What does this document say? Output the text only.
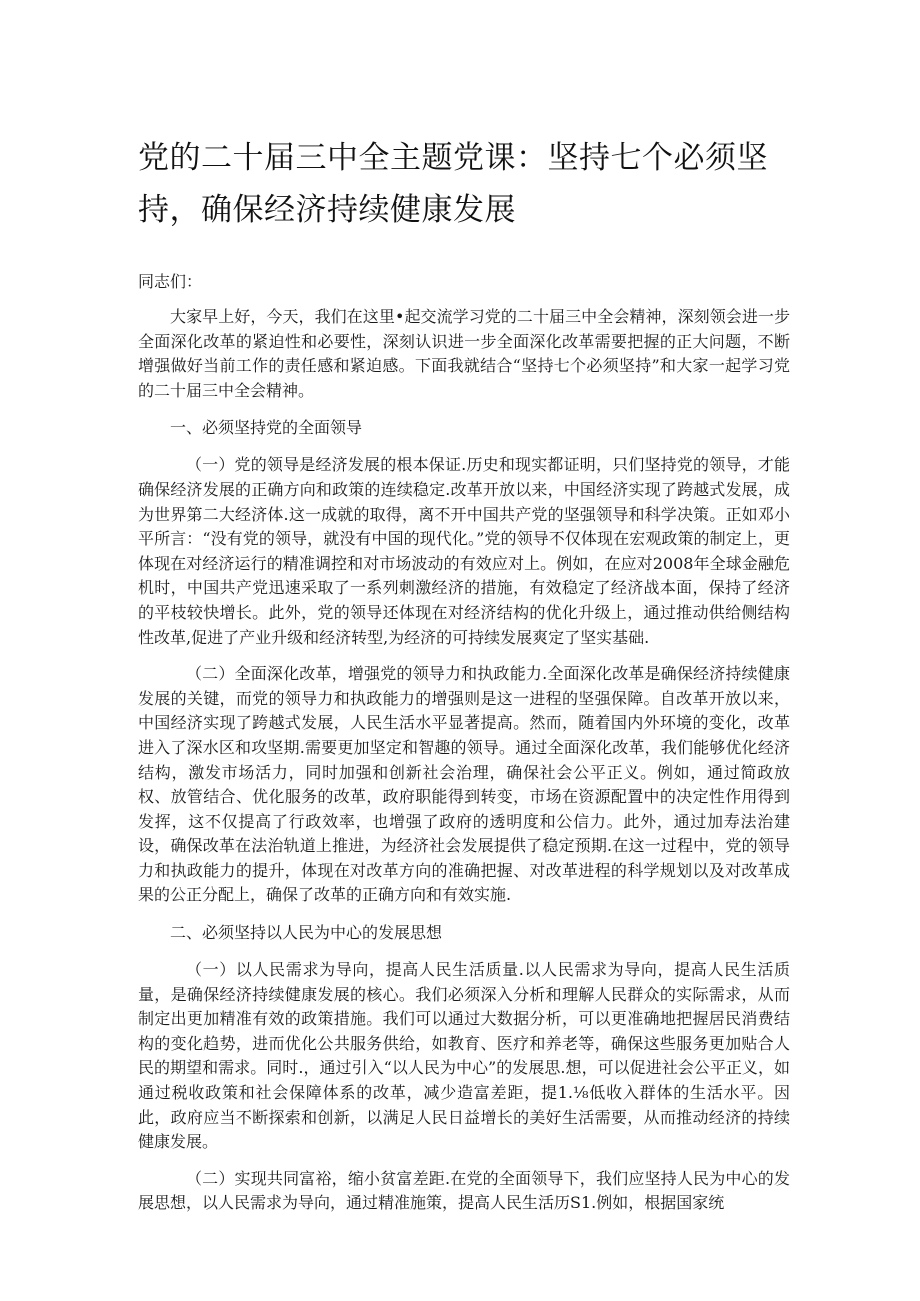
党的二十届三中全主题党课：坚持七个必须坚持，确保经济持续健康发展
同志们：

大家早上好，今天，我们在这里•起交流学习党的二十届三中全会精神，深刻领会进一步全面深化改革的紧迫性和必要性，深刻认识进一步全面深化改革需要把握的正大问题，不断增强做好当前工作的责任感和紧迫感。下面我就结合“坚持七个必须坚持”和大家一起学习党的二十届三中全会精神。

一、必须坚持党的全面领导

（一）党的领导是经济发展的根本保证.历史和现实都证明，只们坚持党的领导，才能确保经济发展的正确方向和政策的连续稳定.改革开放以来，中国经济实现了跨越式发展，成为世界第二大经济体.这一成就的取得，离不开中国共产党的坚强领导和科学决策。正如邓小平所言：“没有党的领导，就没有中国的现代化。”党的领导不仅体现在宏观政策的制定上，更体现在对经济运行的精准调控和对市场波动的有效应对上。例如，在应对2008年全球金融危机时，中国共产党迅速采取了一系列刺激经济的措施，有效稳定了经济战本面，保持了经济的平枝较快增长。此外，党的领导还体现在对经济结构的优化升级上，通过推动供给侧结构性改革,促进了产业升级和经济转型,为经济的可持续发展爽定了坚实基础.

（二）全面深化改革，增强党的领导力和执政能力.全面深化改革是确保经济持续健康发展的关键，而党的领导力和执政能力的增强则是这一进程的坚强保障。自改革开放以来，中国经济实现了跨越式发展，人民生活水平显著提高。然而，随着国内外环境的变化，改革进入了深水区和攻坚期.需要更加坚定和智趣的领导。通过全面深化改革，我们能够优化经济结构，激发市场活力，同时加强和创新社会治理，确保社会公平正义。例如，通过简政放权、放管结合、优化服务的改革，政府职能得到转变，市场在资源配置中的决定性作用得到发挥，这不仅提高了行政效率，也增强了政府的透明度和公信力。此外，通过加寿法治建设，确保改革在法治轨道上推进，为经济社会发展提供了稳定预期.在这一过程中，党的领导力和执政能力的提升，体现在对改革方向的准确把握、对改革进程的科学规划以及对改革成果的公正分配上，确保了改革的正确方向和有效实施.

二、必须坚持以人民为中心的发展思想

（一）以人民需求为导向，提高人民生活质量.以人民需求为导向，提高人民生活质量，是确保经济持续健康发展的核心。我们必须深入分析和理解人民群众的实际需求，从而制定出更加精准有效的政策措施。我们可以通过大数据分析，可以更准确地把握居民消费结构的变化趋势，进而优化公共服务供给，如教育、医疗和养老等，确保这些服务更加贴合人民的期望和需求。同时.，通过引入“以人民为中心”的发展思.想，可以促进社会公平正义，如通过税收政策和社会保障体系的改革，减少造富差距，提1.⅛低收入群体的生活水平。因此，政府应当不断探索和创新，以满足人民日益增长的美好生活需要，从而推动经济的持续健康发展。

（二）实现共同富裕，缩小贫富差距.在党的全面领导下，我们应坚持人民为中心的发展思想，以人民需求为导向，通过精准施策，提高人民生活历S1.例如，根据国家统
